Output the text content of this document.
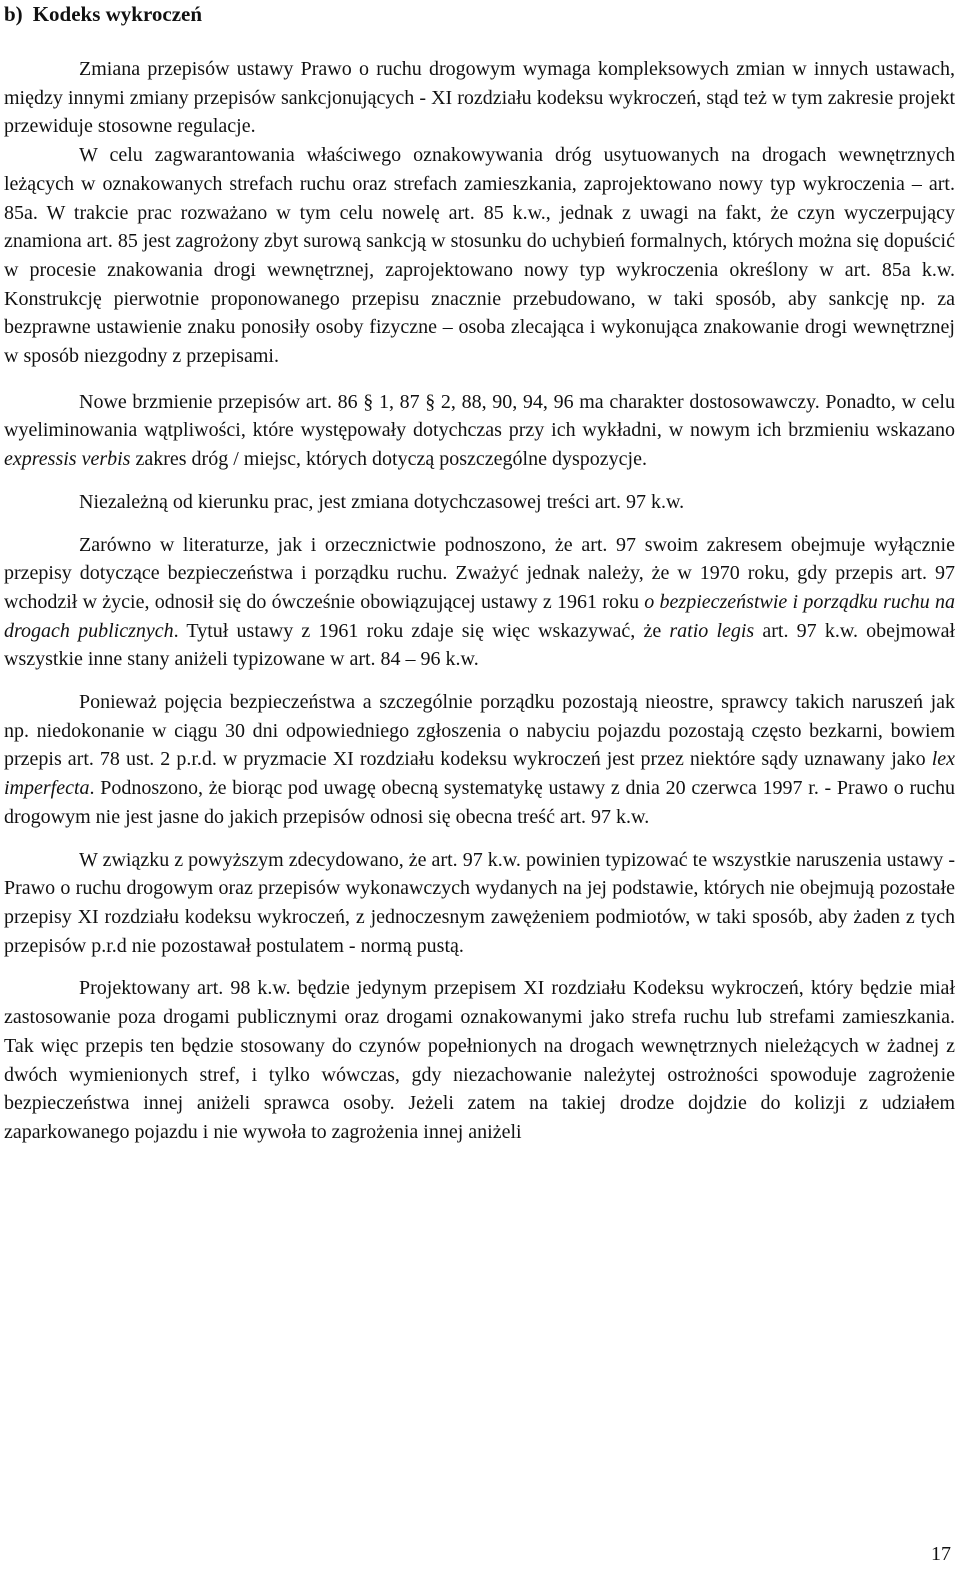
b) Kodeks wykroczeń

Zmiana przepisów ustawy Prawo o ruchu drogowym wymaga kompleksowych zmian w innych ustawach, między innymi zmiany przepisów sankcjonujących - XI rozdziału kodeksu wykroczeń, stąd też w tym zakresie projekt przewiduje stosowne regulacje.

W celu zagwarantowania właściwego oznakowywania dróg usytuowanych na drogach wewnętrznych leżących w oznakowanych strefach ruchu oraz strefach zamieszkania, zaprojektowano nowy typ wykroczenia – art. 85a. W trakcie prac rozważano w tym celu nowelę art. 85 k.w., jednak z uwagi na fakt, że czyn wyczerpujący znamiona art. 85 jest zagrożony zbyt surową sankcją w stosunku do uchybień formalnych, których można się dopuścić w procesie znakowania drogi wewnętrznej, zaprojektowano nowy typ wykroczenia określony w art. 85a k.w. Konstrukcję pierwotnie proponowanego przepisu znacznie przebudowano, w taki sposób, aby sankcję np. za bezprawne ustawienie znaku ponosiły osoby fizyczne – osoba zlecająca i wykonująca znakowanie drogi wewnętrznej w sposób niezgodny z przepisami.

Nowe brzmienie przepisów art. 86 § 1, 87 § 2, 88, 90, 94, 96 ma charakter dostosowawczy. Ponadto, w celu wyeliminowania wątpliwości, które występowały dotychczas przy ich wykładni, w nowym ich brzmieniu wskazano expressis verbis zakres dróg / miejsc, których dotyczą poszczególne dyspozycje.

Niezależną od kierunku prac, jest zmiana dotychczasowej treści art. 97 k.w.

Zarówno w literaturze, jak i orzecznictwie podnoszono, że art. 97 swoim zakresem obejmuje wyłącznie przepisy dotyczące bezpieczeństwa i porządku ruchu. Zważyć jednak należy, że w 1970 roku, gdy przepis art. 97 wchodził w życie, odnosił się do ówcześnie obowiązującej ustawy z 1961 roku o bezpieczeństwie i porządku ruchu na drogach publicznych. Tytuł ustawy z 1961 roku zdaje się więc wskazywać, że ratio legis art. 97 k.w. obejmował wszystkie inne stany aniżeli typizowane w art. 84 – 96 k.w.

Ponieważ pojęcia bezpieczeństwa a szczególnie porządku pozostają nieostre, sprawcy takich naruszeń jak np. niedokonanie w ciągu 30 dni odpowiedniego zgłoszenia o nabyciu pojazdu pozostają często bezkarni, bowiem przepis art. 78 ust. 2 p.r.d. w pryzmacie XI rozdziału kodeksu wykroczeń jest przez niektóre sądy uznawany jako lex imperfecta. Podnoszono, że biorąc pod uwagę obecną systematykę ustawy z dnia 20 czerwca 1997 r. - Prawo o ruchu drogowym nie jest jasne do jakich przepisów odnosi się obecna treść art. 97 k.w.

W związku z powyższym zdecydowano, że art. 97 k.w. powinien typizować te wszystkie naruszenia ustawy - Prawo o ruchu drogowym oraz przepisów wykonawczych wydanych na jej podstawie, których nie obejmują pozostałe przepisy XI rozdziału kodeksu wykroczeń, z jednoczesnym zawężeniem podmiotów, w taki sposób, aby żaden z tych przepisów p.r.d nie pozostawał postulatem - normą pustą.

Projektowany art. 98 k.w. będzie jedynym przepisem XI rozdziału Kodeksu wykroczeń, który będzie miał zastosowanie poza drogami publicznymi oraz drogami oznakowanymi jako strefa ruchu lub strefami zamieszkania. Tak więc przepis ten będzie stosowany do czynów popełnionych na drogach wewnętrznych nieleżących w żadnej z dwóch wymienionych stref, i tylko wówczas, gdy niezachowanie należytej ostrożności spowoduje zagrożenie bezpieczeństwa innej aniżeli sprawca osoby. Jeżeli zatem na takiej drodze dojdzie do kolizji z udziałem zaparkowanego pojazdu i nie wywoła to zagrożenia innej aniżeli

17
